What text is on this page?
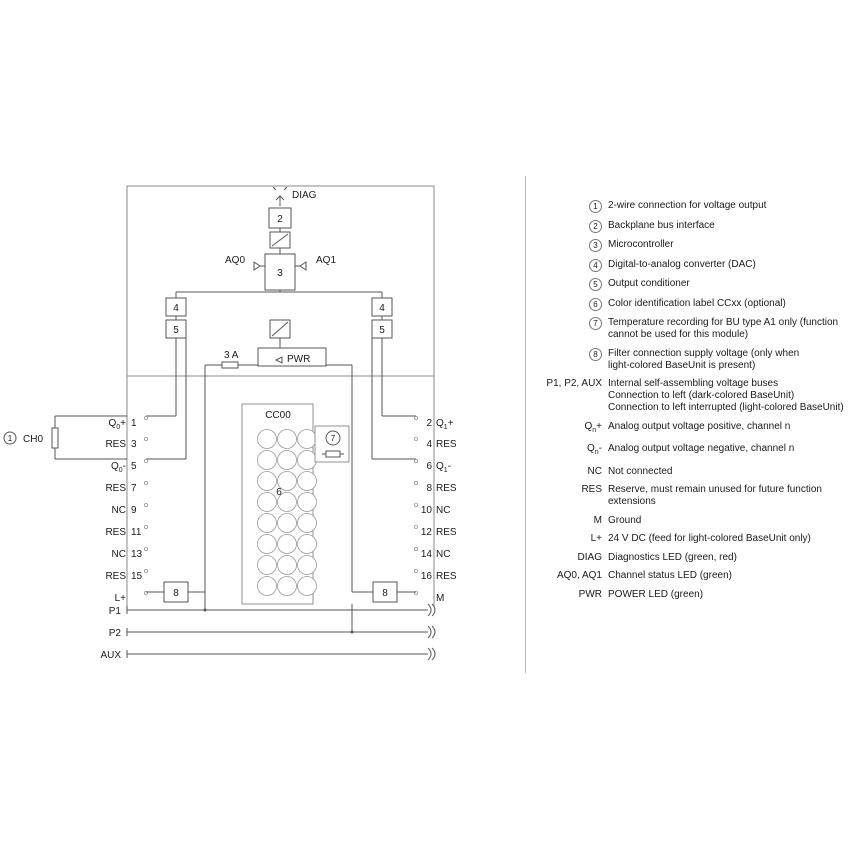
DIAG
2
3
AQ0	AQ1
4	4
5	5
PWR
3 A
1 CH0
$Q_0+ 1$
RES 3
$Q_0-$ 5
RES 7
NC 9
RES 11
NC 13
RES 15
L+
2 $Q_1+$
4 RES
6 $Q_1-$
8 RES
10 NC
12 RES
14 NC
16 RES
M
CC00
6
7
8	8
P1
P2
AUX
1	2-wire connection for voltage output
2	Backplane bus interface
3	Microcontroller
4	Digital-to-analog converter (DAC)
5	Output conditioner
6	Color identification label CCxx (optional)
7	Temperature recording for BU type A1 only (function
cannot be used for this module)
8	Filter connection supply voltage (only when
light-colored BaseUnit is present)
P1, P2, AUX Internal self-assembling voltage buses
Connection to left (dark-colored BaseUnit)
Connection to left interrupted (light-colored BaseUnit)
$Q_n+ Analog$ output voltage positive, channel n
$Q_n-$ Analog output voltage negative, channel n
NC Not connected
RES Reserve, must remain unused for future function
extensions
M Ground
L+ 24 V DC (feed for light-colored BaseUnit only)
DIAG Diagnostics LED (green, red)
AQ0, AQ1 Channel status LED (green)
PWR POWER LED (green)
